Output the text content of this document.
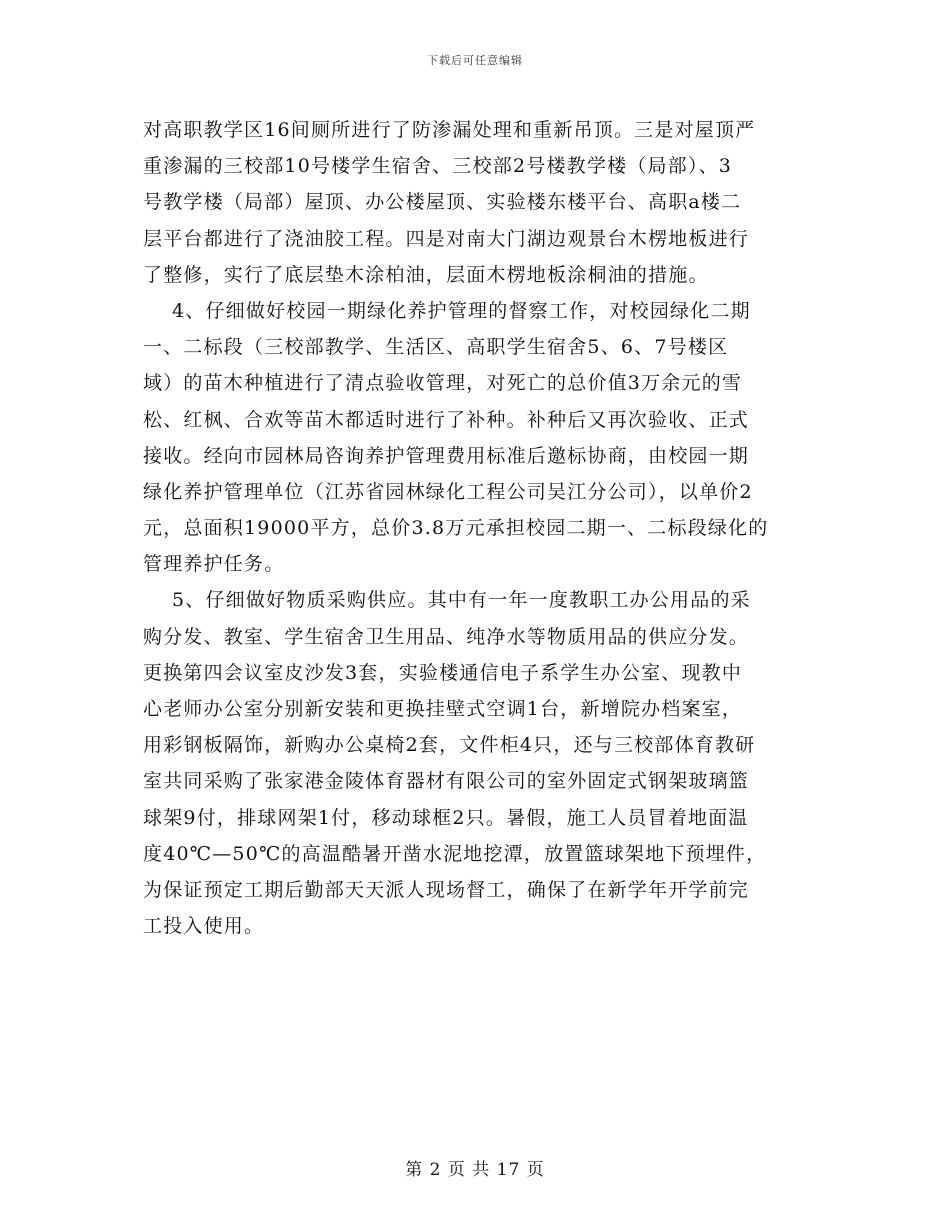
下载后可任意编辑
对高职教学区16间厕所进行了防渗漏处理和重新吊顶。三是对屋顶严
重渗漏的三校部10号楼学生宿舍、三校部2号楼教学楼（局部）、3
号教学楼（局部）屋顶、办公楼屋顶、实验楼东楼平台、高职a楼二
层平台都进行了浇油胶工程。四是对南大门湖边观景台木楞地板进行
了整修，实行了底层垫木涂柏油，层面木楞地板涂桐油的措施。
4、仔细做好校园一期绿化养护管理的督察工作，对校园绿化二期
一、二标段（三校部教学、生活区、高职学生宿舍5、6、7号楼区
域）的苗木种植进行了清点验收管理，对死亡的总价值3万余元的雪
松、红枫、合欢等苗木都适时进行了补种。补种后又再次验收、正式
接收。经向市园林局咨询养护管理费用标准后邀标协商，由校园一期
绿化养护管理单位（江苏省园林绿化工程公司吴江分公司），以单价2
元，总面积19000平方，总价3.8万元承担校园二期一、二标段绿化的
管理养护任务。
5、仔细做好物质采购供应。其中有一年一度教职工办公用品的采
购分发、教室、学生宿舍卫生用品、纯净水等物质用品的供应分发。
更换第四会议室皮沙发3套，实验楼通信电子系学生办公室、现教中
心老师办公室分别新安装和更换挂壁式空调1台，新增院办档案室，
用彩钢板隔饰，新购办公桌椅2套，文件柜4只，还与三校部体育教研
室共同采购了张家港金陵体育器材有限公司的室外固定式钢架玻璃篮
球架9付，排球网架1付，移动球框2只。暑假，施工人员冒着地面温
度40℃—50℃的高温酷暑开凿水泥地挖潭，放置篮球架地下预埋件，
为保证预定工期后勤部天天派人现场督工，确保了在新学年开学前完
工投入使用。
第 2 页 共 17 页
